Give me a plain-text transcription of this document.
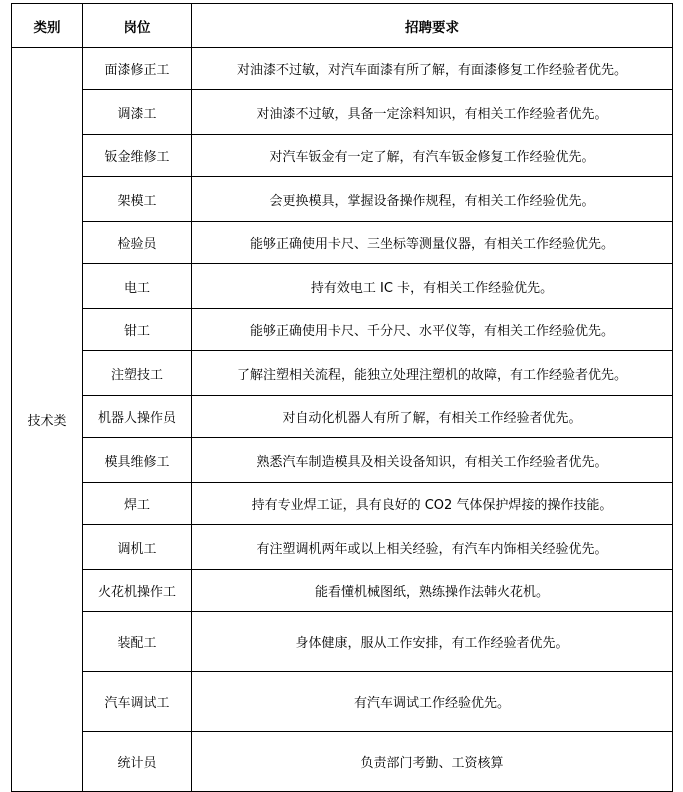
类别	岗位	招聘要求
技术类	面漆修正工	对油漆不过敏，对汽车面漆有所了解，有面漆修复工作经验者优先。
	调漆工	对油漆不过敏，具备一定涂料知识，有相关工作经验者优先。
	钣金维修工	对汽车钣金有一定了解，有汽车钣金修复工作经验优先。
	架模工	会更换模具，掌握设备操作规程，有相关工作经验优先。
	检验员	能够正确使用卡尺、三坐标等测量仪器，有相关工作经验优先。
	电工	持有效电工 IC 卡，有相关工作经验优先。
	钳工	能够正确使用卡尺、千分尺、水平仪等，有相关工作经验优先。
	注塑技工	了解注塑相关流程，能独立处理注塑机的故障，有工作经验者优先。
	机器人操作员	对自动化机器人有所了解，有相关工作经验者优先。
	模具维修工	熟悉汽车制造模具及相关设备知识，有相关工作经验者优先。
	焊工	持有专业焊工证，具有良好的 CO2 气体保护焊接的操作技能。
	调机工	有注塑调机两年或以上相关经验，有汽车内饰相关经验优先。
	火花机操作工	能看懂机械图纸，熟练操作法韩火花机。
	装配工	身体健康，服从工作安排，有工作经验者优先。
	汽车调试工	有汽车调试工作经验优先。
	统计员	负责部门考勤、工资核算
